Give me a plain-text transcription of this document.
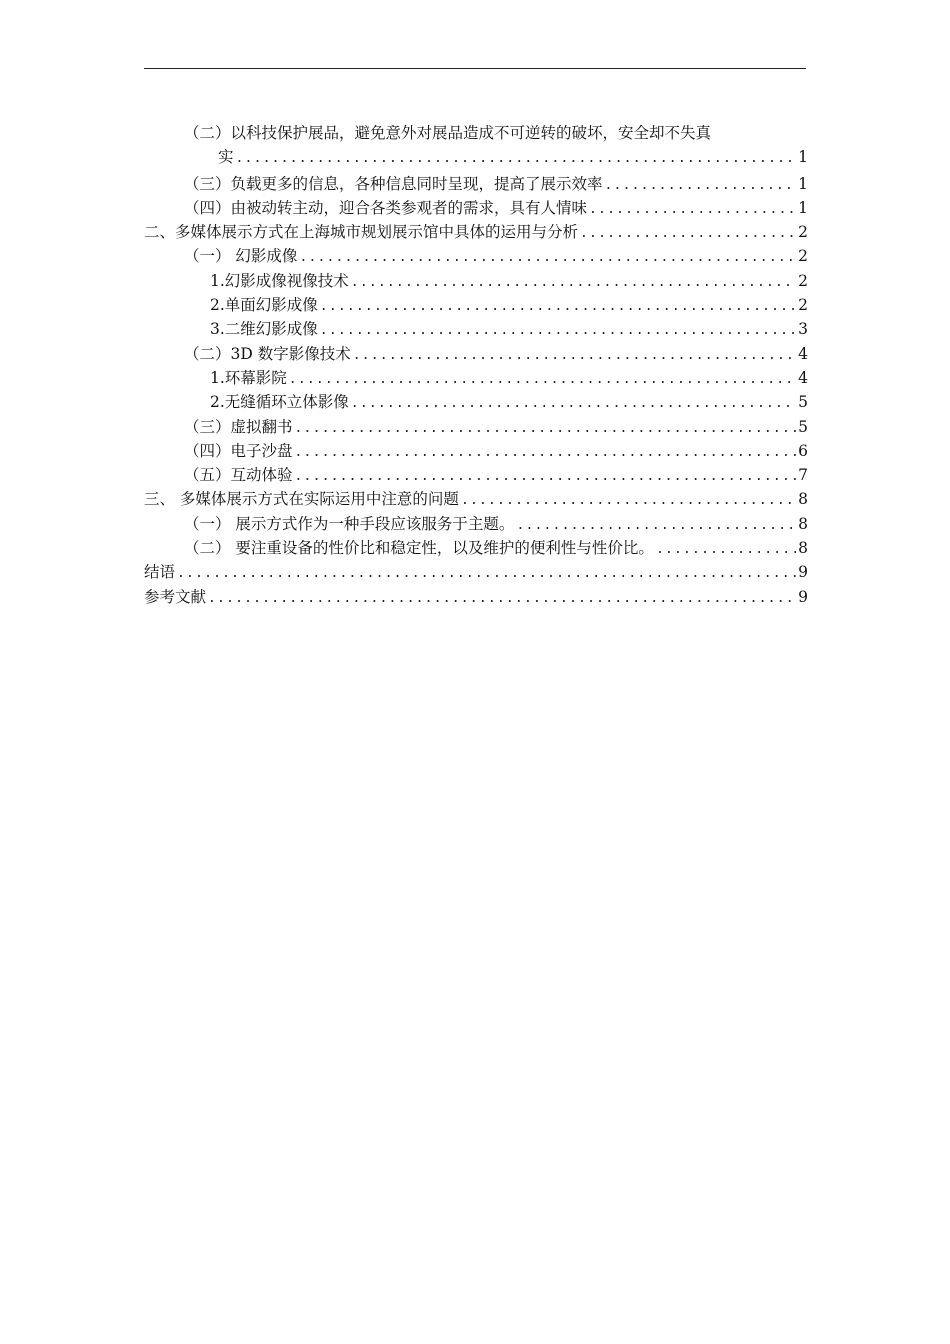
（二）以科技保护展品，避免意外对展品造成不可逆转的破坏，安全却不失真
实 .....	1
（三）负载更多的信息，各种信息同时呈现，提高了展示效率 .....	1
（四）由被动转主动，迎合各类参观者的需求，具有人情味 .....	1
二、多媒体展示方式在上海城市规划展示馆中具体的运用与分析 .....	2
（一） 幻影成像 .....	2
1.幻影成像视像技术 .....	2
2.单面幻影成像 .....	2
3.二维幻影成像 .....	3
（二）3D 数字影像技术 .....	4
1.环幕影院 .....	4
2.无缝循环立体影像 .....	5
（三）虚拟翻书 .....	5
（四）电子沙盘 .....	6
（五）互动体验 .....	7
三、 多媒体展示方式在实际运用中注意的问题 .....	8
（一） 展示方式作为一种手段应该服务于主题。 .....	8
（二） 要注重设备的性价比和稳定性，以及维护的便利性与性价比。 .....	8
结语 .....	9
参考文献 .....	9
